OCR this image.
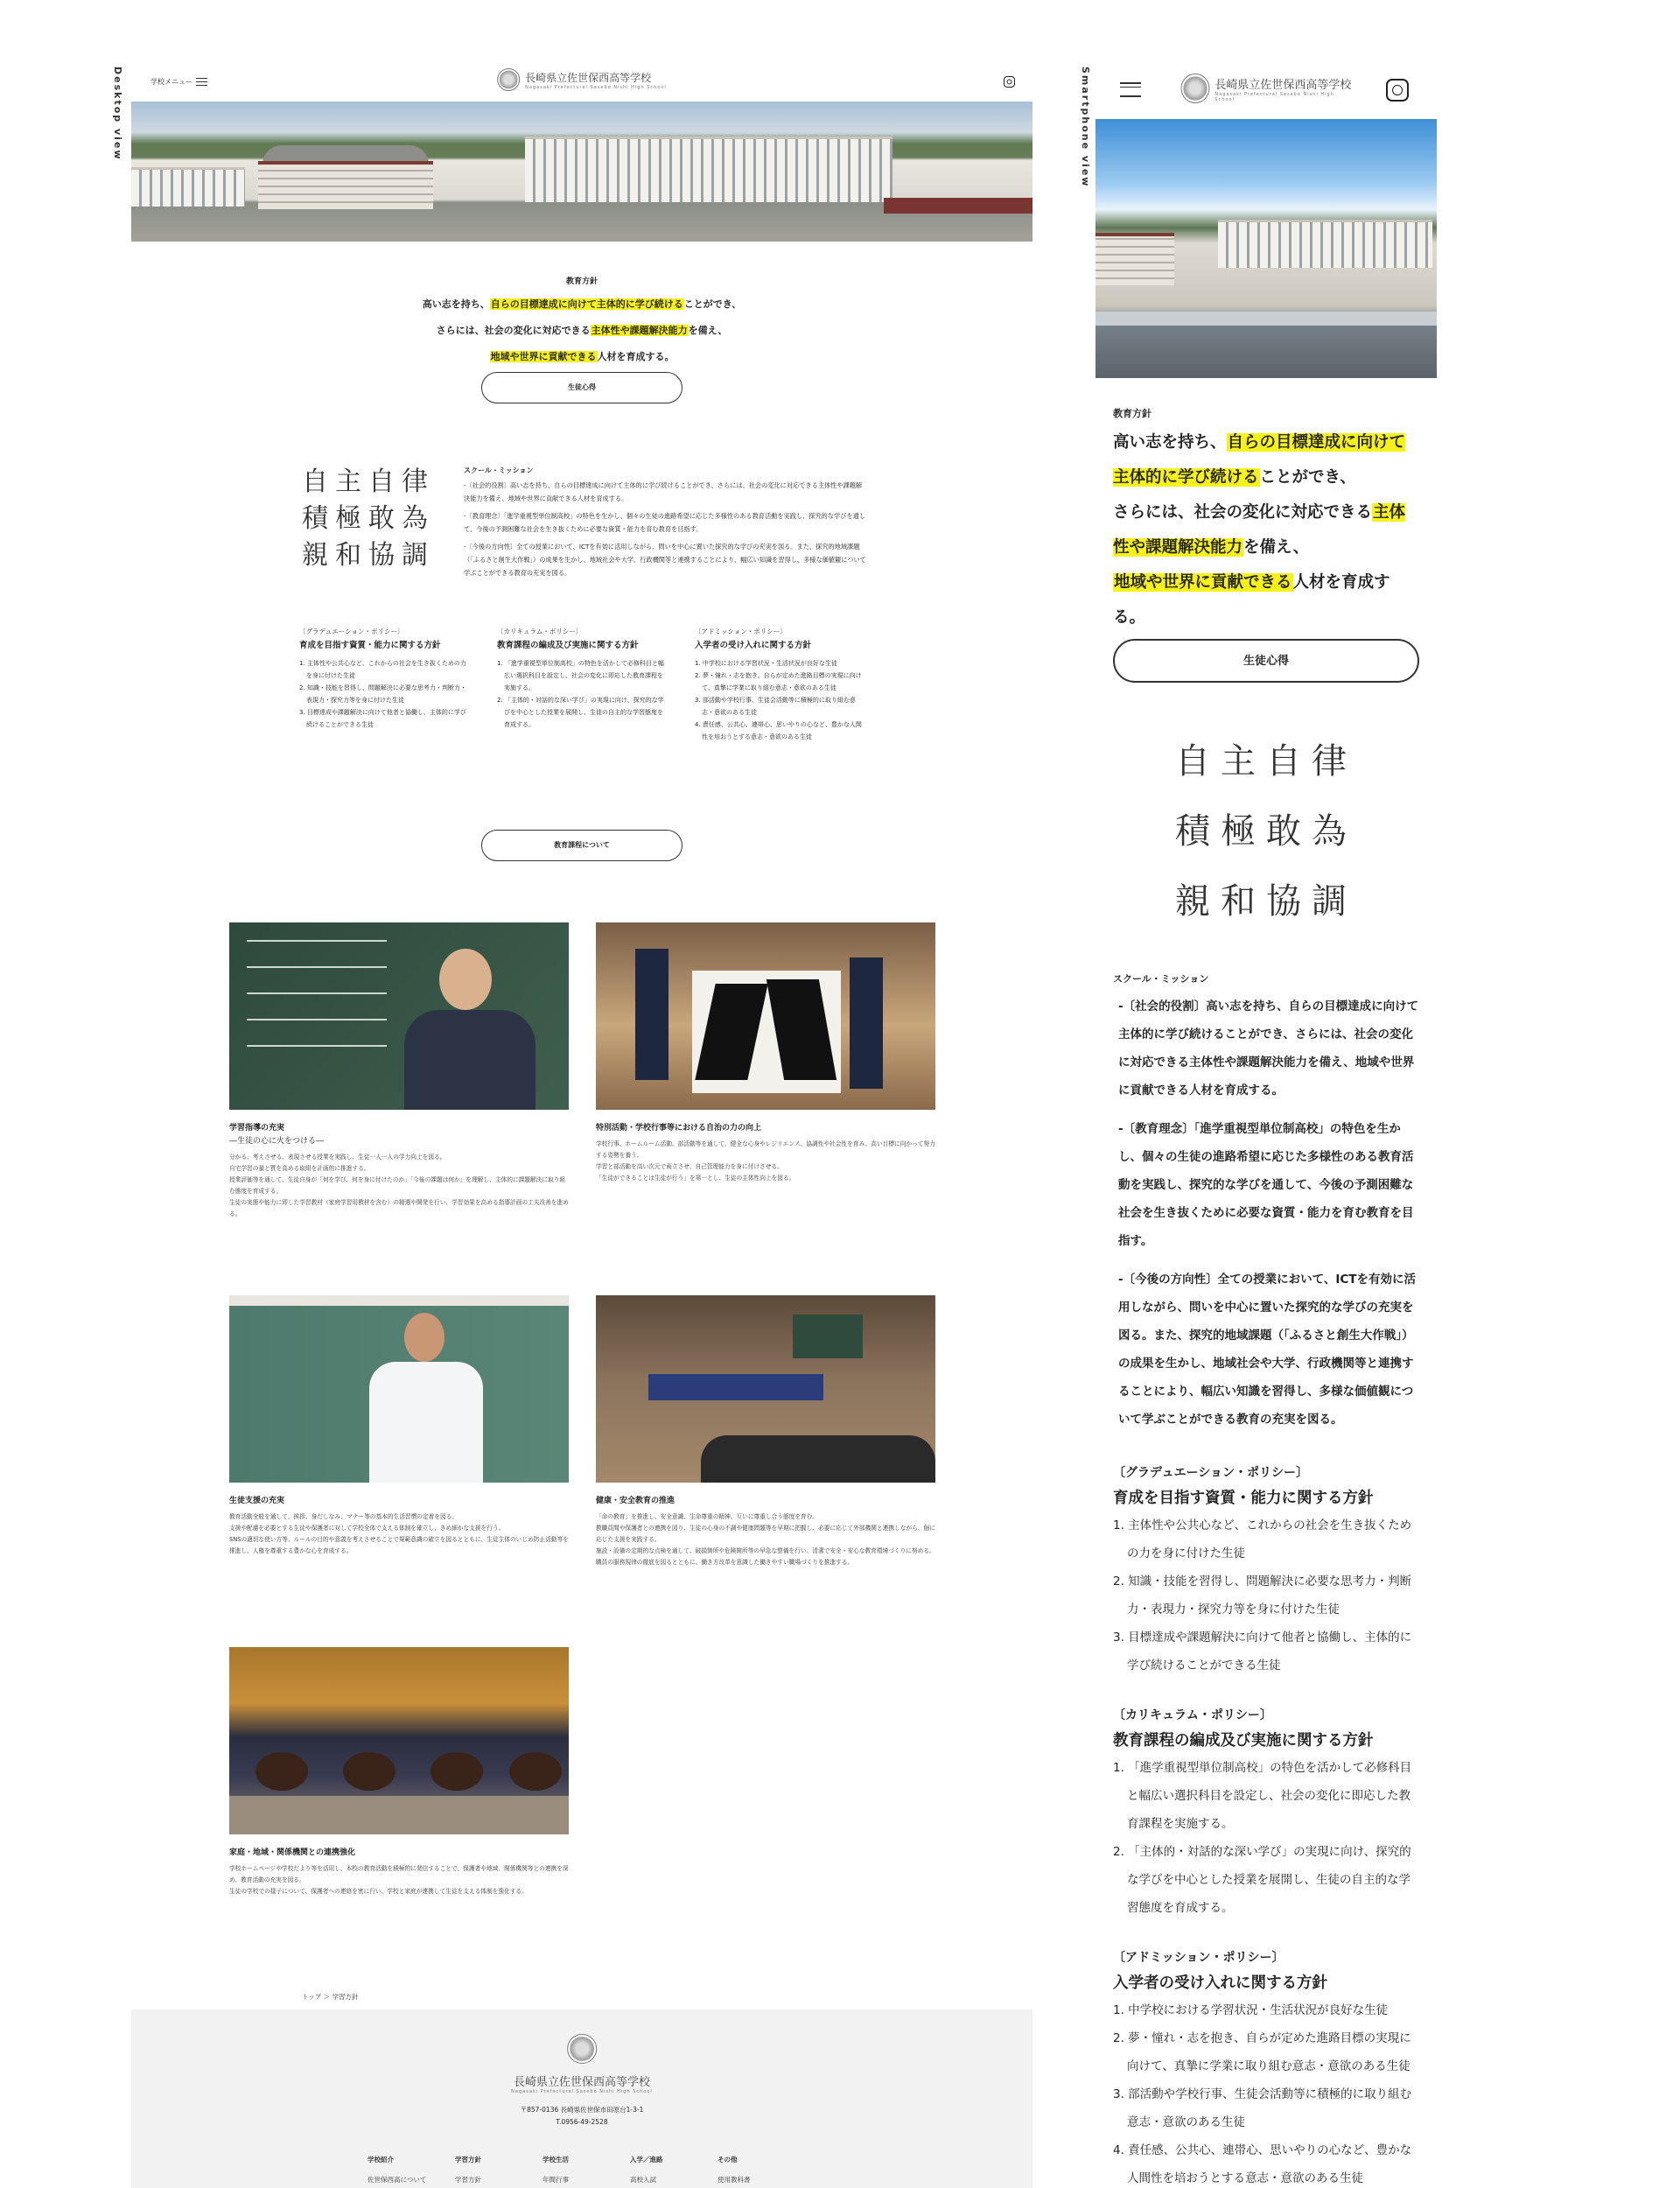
Desktop view	Smartphone view
学校メニュー	長崎県立佐世保西高等学校
Nagasaki Prefectural Sasebo Nishi High School
教育方針
高い志を持ち、自らの目標達成に向けて主体的に学び続けることができ、
さらには、社会の変化に対応できる主体性や課題解決能力を備え、
地域や世界に貢献できる人材を育成する。
生徒心得
自主自律
積極敢為
親和協調
スクール・ミッション

-〔社会的役割〕高い志を持ち、自らの目標達成に向けて主体的に学び続けることができ、さらには、社会の変化に対応できる主体性や課題解決能力を備え、地域や世界に貢献できる人材を育成する。

-〔教育理念〕「進学重視型単位制高校」の特色を生かし、個々の生徒の進路希望に応じた多様性のある教育活動を実践し、探究的な学びを通して、今後の予測困難な社会を生き抜くために必要な資質・能力を育む教育を目指す。

-〔今後の方向性〕全ての授業において、ICTを有効に活用しながら、問いを中心に置いた探究的な学びの充実を図る。また、探究的地域課題（「ふるさと創生大作戦」）の成果を生かし、地域社会や大学、行政機関等と連携することにより、幅広い知識を習得し、多様な価値観について学ぶことができる教育の充実を図る。

〔グラデュエーション・ポリシー〕
育成を目指す資質・能力に関する方針
1. 主体性や公共心など、これからの社会を生き抜くための力を身に付けた生徒
2. 知識・技能を習得し、問題解決に必要な思考力・判断力・表現力・探究力等を身に付けた生徒
3. 目標達成や課題解決に向けて他者と協働し、主体的に学び続けることができる生徒
〔カリキュラム・ポリシー〕
教育課程の編成及び実施に関する方針
1. 「進学重視型単位制高校」の特色を活かして必修科目と幅広い選択科目を設定し、社会の変化に即応した教育課程を実施する。
2. 「主体的・対話的な深い学び」の実現に向け、探究的な学びを中心とした授業を展開し、生徒の自主的な学習態度を育成する。
〔アドミッション・ポリシー〕
入学者の受け入れに関する方針
1. 中学校における学習状況・生活状況が良好な生徒
2. 夢・憧れ・志を抱き、自らが定めた進路目標の実現に向けて、真摯に学業に取り組む意志・意欲のある生徒
3. 部活動や学校行事、生徒会活動等に積極的に取り組む意志・意欲のある生徒
4. 責任感、公共心、連帯心、思いやりの心など、豊かな人間性を培おうとする意志・意欲のある生徒
教育課程について
学習指導の充実
―生徒の心に火をつける―
分かる、考えさせる、表現させる授業を実践し、生徒一人一人の学力向上を図る。
自宅学習の量と質を高める取組を計画的に推進する。
授業評価等を通して、生徒自身が「何を学び、何を身に付けたのか」「今後の課題は何か」を理解し、主体的に課題解決に取り組む態度を育成する。
生徒の実態や能力に即した学習教材（家庭学習用教材を含む）の精選や開発を行い、学習効果を高める指導計画の工夫改善を進める。
特別活動・学校行事等における自治の力の向上
学校行事、ホームルーム活動、部活動等を通して、健全な心身やレジリエンス、協調性や社会性を育み、高い目標に向かって努力する姿勢を養う。
学習と部活動を高い次元で両立させ、自己管理能力を身に付けさせる。
「生徒ができることは生徒が行う」を第一とし、生徒の主体性向上を図る。
生徒支援の充実
教育活動全般を通して、挨拶、身だしなみ、マナー等の基本的生活習慣の定着を図る。
支援や配慮を必要とする生徒や保護者に対して学校全体で支える体制を確立し、きめ細かな支援を行う。
SNSの適切な使い方等、ルールの目的や意義を考えさせることで規範意識の確立を図るとともに、生徒主体のいじめ防止活動等を推進し、人権を尊重する豊かな心を育成する。
健康・安全教育の推進
「命の教育」を推進し、安全意識、生命尊重の精神、互いに尊重し合う態度を育む。
教職員間や保護者との連携を図り、生徒の心身の不調や健康問題等を早期に把握し、必要に応じて外部機関と連携しながら、個に応じた支援を実践する。
施設・設備の定期的な点検を通して、破損箇所や危険箇所等の早急な整備を行い、清潔で安全・安心な教育環境づくりに努める。
職員の服務規律の徹底を図るとともに、働き方改革を意識した働きやすい職場づくりを推進する。
家庭・地域・関係機関との連携強化
学校ホームページや学校だより等を活用し、本校の教育活動を積極的に発信することで、保護者や地域、関係機関等との連携を深め、教育活動の充実を図る。
生徒の学校での様子について、保護者への連絡を密に行い、学校と家庭が連携して生徒を支える体制を強化する。
トップ ＞ 学習方針
長崎県立佐世保西高等学校
Nagasaki Prefectural Sasebo Nishi High School
〒857-0136 長崎県佐世保市田原台1-3-1
T.0956-49-2528
学校紹介
佐世保西高について
学習方針
学習方針
学校生活
年間行事
入学／進路
高校入試
その他
使用教科書
長崎県立佐世保西高等学校
Nagasaki Prefectural Sasebo Nishi High School
教育方針
高い志を持ち、自らの目標達成に向けて主体的に学び続けることができ、
さらには、社会の変化に対応できる主体性や課題解決能力を備え、
地域や世界に貢献できる人材を育成する。
生徒心得
自主自律
積極敢為
親和協調
スクール・ミッション

-〔社会的役割〕高い志を持ち、自らの目標達成に向けて主体的に学び続けることができ、さらには、社会の変化に対応できる主体性や課題解決能力を備え、地域や世界に貢献できる人材を育成する。

-〔教育理念〕「進学重視型単位制高校」の特色を生かし、個々の生徒の進路希望に応じた多様性のある教育活動を実践し、探究的な学びを通して、今後の予測困難な社会を生き抜くために必要な資質・能力を育む教育を目指す。

-〔今後の方向性〕全ての授業において、ICTを有効に活用しながら、問いを中心に置いた探究的な学びの充実を図る。また、探究的地域課題（「ふるさと創生大作戦」）の成果を生かし、地域社会や大学、行政機関等と連携することにより、幅広い知識を習得し、多様な価値観について学ぶことができる教育の充実を図る。

〔グラデュエーション・ポリシー〕
育成を目指す資質・能力に関する方針
1. 主体性や公共心など、これからの社会を生き抜くための力を身に付けた生徒
2. 知識・技能を習得し、問題解決に必要な思考力・判断力・表現力・探究力等を身に付けた生徒
3. 目標達成や課題解決に向けて他者と協働し、主体的に学び続けることができる生徒
〔カリキュラム・ポリシー〕
教育課程の編成及び実施に関する方針
1. 「進学重視型単位制高校」の特色を活かして必修科目と幅広い選択科目を設定し、社会の変化に即応した教育課程を実施する。
2. 「主体的・対話的な深い学び」の実現に向け、探究的な学びを中心とした授業を展開し、生徒の自主的な学習態度を育成する。
〔アドミッション・ポリシー〕
入学者の受け入れに関する方針
1. 中学校における学習状況・生活状況が良好な生徒
2. 夢・憧れ・志を抱き、自らが定めた進路目標の実現に向けて、真摯に学業に取り組む意志・意欲のある生徒
3. 部活動や学校行事、生徒会活動等に積極的に取り組む意志・意欲のある生徒
4. 責任感、公共心、連帯心、思いやりの心など、豊かな人間性を培おうとする意志・意欲のある生徒
